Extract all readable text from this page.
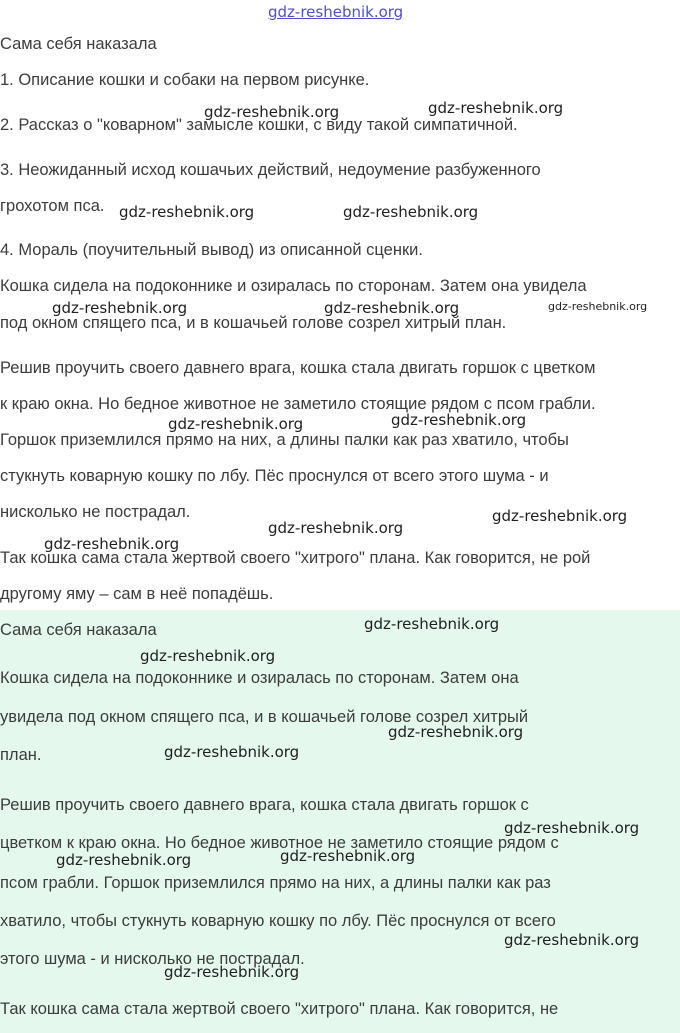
gdz-reshebnik.org
Сама себя наказала
1. Описание кошки и собаки на первом рисунке.
2. Рассказ о "коварном" замысле кошки, с виду такой симпатичной.
3. Неожиданный исход кошачьих действий, недоумение разбуженного
грохотом пса.
4. Мораль (поучительный вывод) из описанной сценки.
Кошка сидела на подоконнике и озиралась по сторонам. Затем она увидела
под окном спящего пса, и в кошачьей голове созрел хитрый план.
Решив проучить своего давнего врага, кошка стала двигать горшок с цветком
к краю окна. Но бедное животное не заметило стоящие рядом с псом грабли.
Горшок приземлился прямо на них, а длины палки как раз хватило, чтобы
стукнуть коварную кошку по лбу. Пёс проснулся от всего этого шума - и
нисколько не пострадал.
Так кошка сама стала жертвой своего "хитрого" плана. Как говорится, не рой
другому яму – сам в неё попадёшь.
Сама себя наказала
Кошка сидела на подоконнике и озиралась по сторонам. Затем она
увидела под окном спящего пса, и в кошачьей голове созрел хитрый
план.
Решив проучить своего давнего врага, кошка стала двигать горшок с
цветком к краю окна. Но бедное животное не заметило стоящие рядом с
псом грабли. Горшок приземлился прямо на них, а длины палки как раз
хватило, чтобы стукнуть коварную кошку по лбу. Пёс проснулся от всего
этого шума - и нисколько не пострадал.
Так кошка сама стала жертвой своего "хитрого" плана. Как говорится, не
gdz-reshebnik.org	gdz-reshebnik.org
gdz-reshebnik.org	gdz-reshebnik.org
gdz-reshebnik.org	gdz-reshebnik.org	gdz-reshebnik.org
gdz-reshebnik.org
gdz-reshebnik.org
gdz-reshebnik.org
gdz-reshebnik.org
gdz-reshebnik.org
gdz-reshebnik.org
gdz-reshebnik.org
gdz-reshebnik.org
gdz-reshebnik.org
gdz-reshebnik.org
gdz-reshebnik.org
gdz-reshebnik.org
gdz-reshebnik.org
gdz-reshebnik.org
